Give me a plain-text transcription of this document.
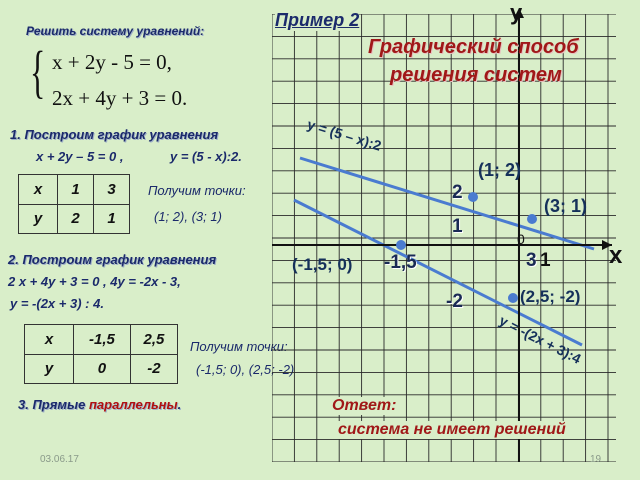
Решить систему уравнений:
{ x + 2y - 5 = 0,
2x + 4y + 3 = 0.
1. Построим график уравнения
x + 2y – 5 = 0 ,	y = (5 - x):2.
x	1	3
y	2	1
Получим точки:
(1; 2), (3; 1)
2. Построим график уравнения
2 x + 4y + 3 = 0 , 4y = -2x - 3,
y = -(2x + 3) : 4.
x	-1,5	2,5
y	0	-2
Получим точки:
(-1,5; 0), (2,5; -2)
3. Прямые параллельны.
Пример 2
Графический способ
решения систем
y
x
0
y = (5 – x):2
y = -(2x + 3):4
2
1
-1,5
-2
3 1
(1; 2)
(3; 1)
(-1,5; 0)
(2,5; -2)
Ответ:
система не имеет решений
03.06.17	19
